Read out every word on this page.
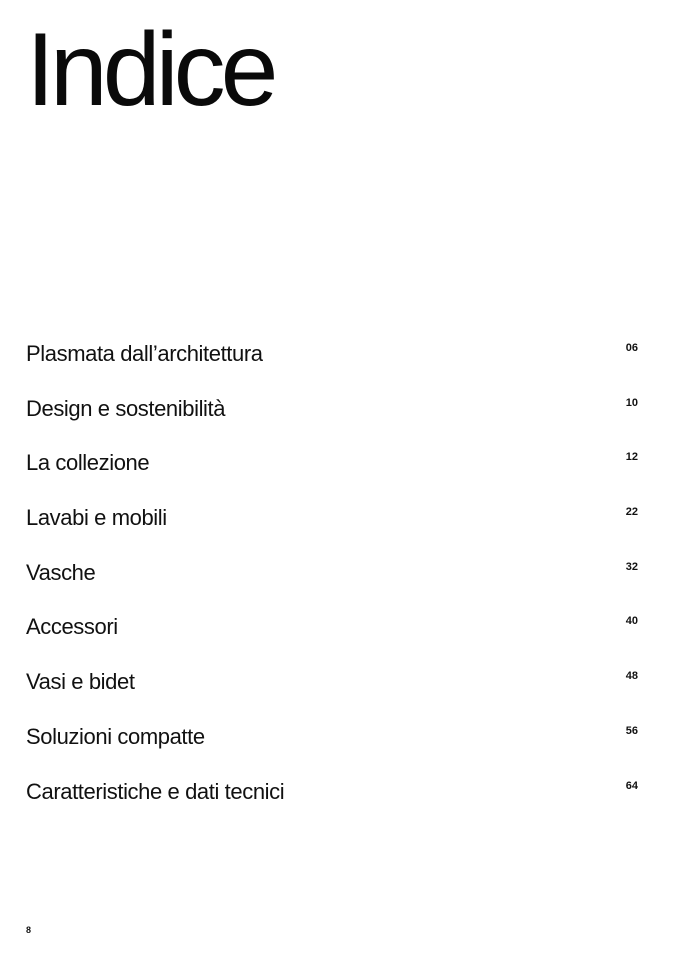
Indice
Plasmata dall’architettura	06
Design e sostenibilità	10
La collezione	12
Lavabi e mobili	22
Vasche	32
Accessori	40
Vasi e bidet	48
Soluzioni compatte	56
Caratteristiche e dati tecnici	64
8
